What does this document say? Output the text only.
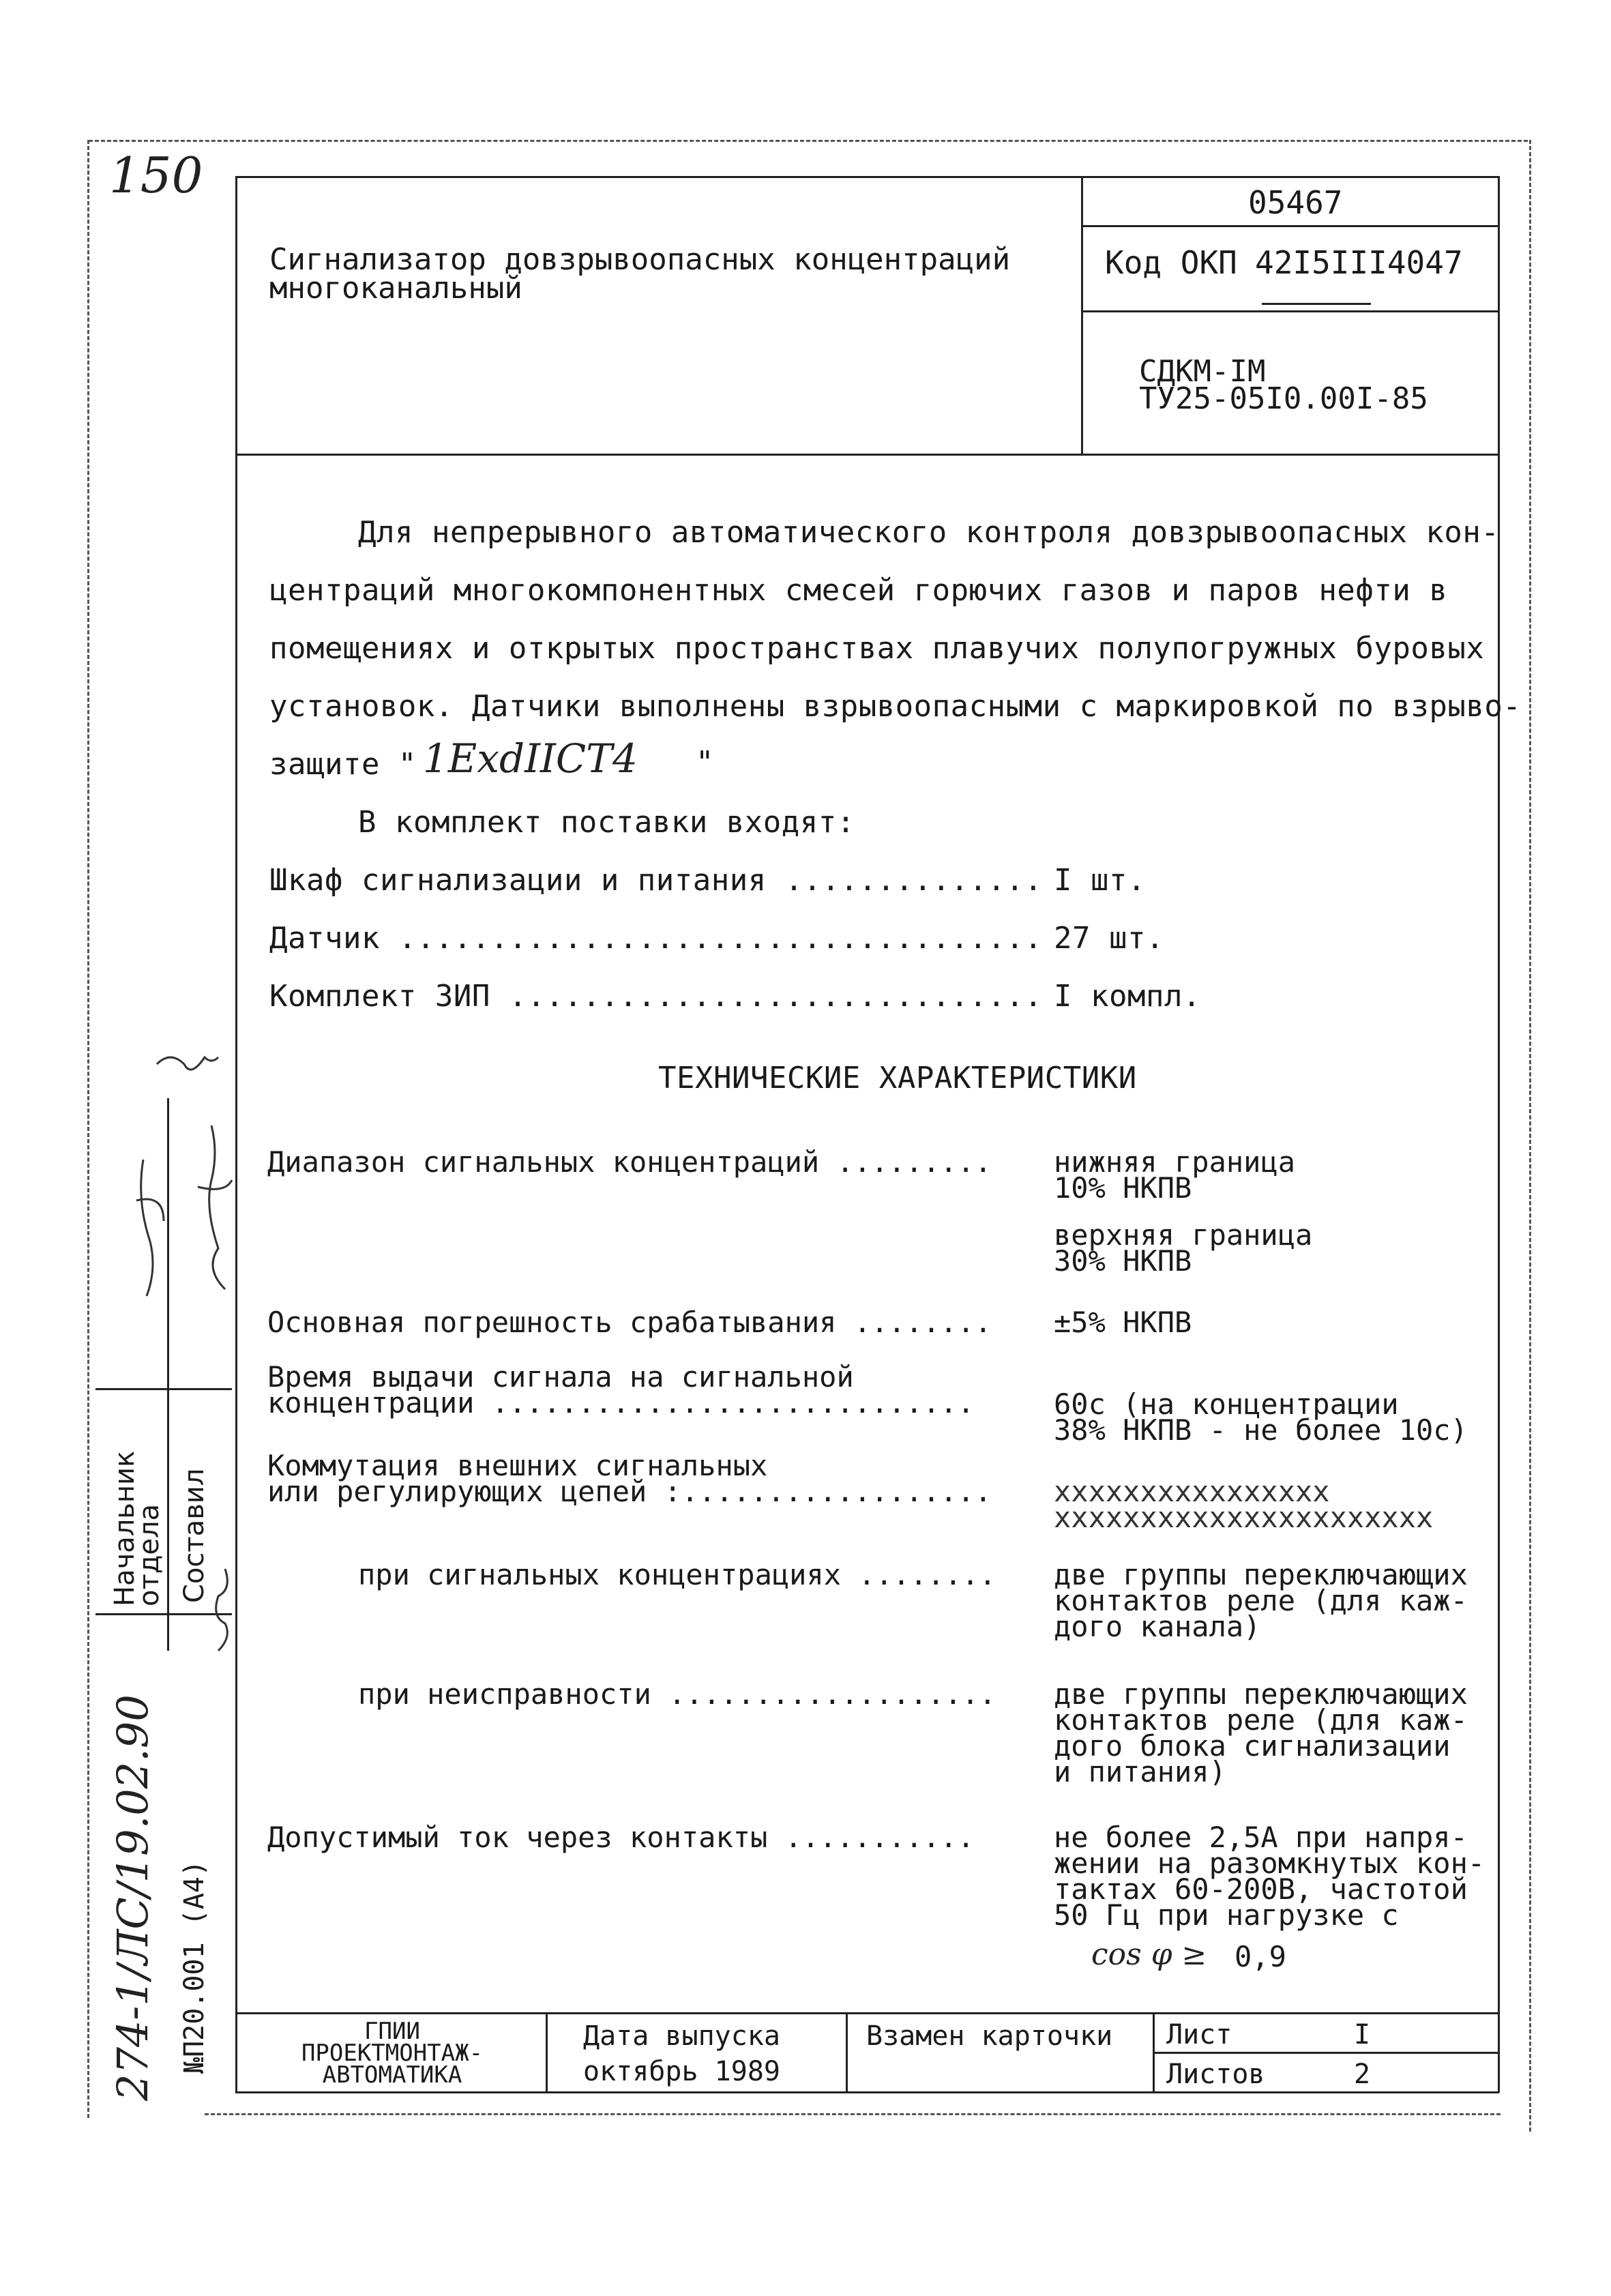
150	05467
Сигнализатор довзрывоопасных концентраций многоканальный
Код ОКП 42I5III4047
СДКМ-IM
ТУ25-05I0.00I-85
Для непрерывного автоматического контроля довзрывоопасных кон-
центраций многокомпонентных смесей горючих газов и паров нефти в
помещениях и открытых пространствах плавучих полупогружных буровых
установок. Датчики выполнены взрывоопасными с маркировкой по взрыво-
защите " 1ExdIICT4 "
В комплект поставки входят:
Шкаф сигнализации и питания .............. I шт.
Датчик ................................... 27 шт.
Комплект ЗИП ............................. I компл.
ТЕХНИЧЕСКИЕ ХАРАКТЕРИСТИКИ
Диапазон сигнальных концентраций ......... нижняя граница
10% НКПВ
верхняя граница
30% НКПВ
Основная погрешность срабатывания ........ ±5% НКПВ
Время выдачи сигнала на сигнальной
концентрации ............................	60с (на концентрации
38% НКПВ - не более 10с)
Коммутация внешних сигнальных
или регулирующих цепей :.................. xxxxxxxxxxxxxxxx
xxxxxxxxxxxxxxxxxxxxxx
при сигнальных концентрациях ........ две группы переключающих
контактов реле (для каж-
дого канала)
при неисправности ................... две группы переключающих
контактов реле (для каж-
дого блока сигнализации
и питания)
Допустимый ток через контакты ...........	не более 2,5А при напря-
жении на разомкнутых кон-
тактах 60-200В, частотой
50 Гц при нагрузке с
cos φ ≥ 0,9
ГПИИ
ПРОЕКТМОНТАЖ-
АВТОМАТИКА
Дата выпуска
октябрь 1989
Взамен карточки Лист	I
Листов	2
Начальник
отдела Составил
№П20.001 (А4)
274-1/ЛС/19.02.90
